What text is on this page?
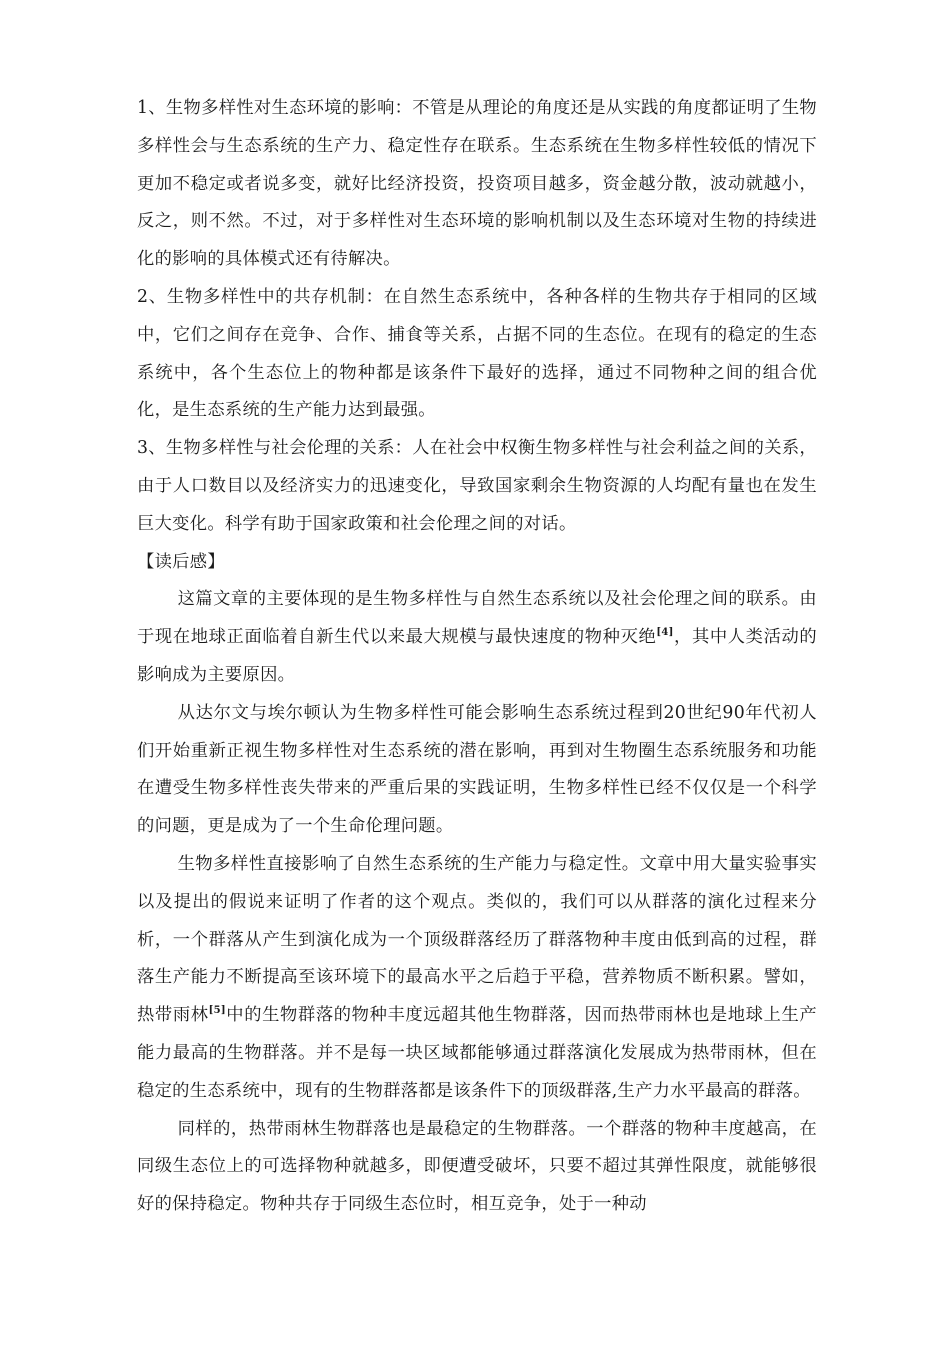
1、生物多样性对生态环境的影响：不管是从理论的角度还是从实践的角度都证明了生物多样性会与生态系统的生产力、稳定性存在联系。生态系统在生物多样性较低的情况下更加不稳定或者说多变，就好比经济投资，投资项目越多，资金越分散，波动就越小，反之，则不然。不过，对于多样性对生态环境的影响机制以及生态环境对生物的持续进化的影响的具体模式还有待解决。

2、生物多样性中的共存机制：在自然生态系统中，各种各样的生物共存于相同的区域中，它们之间存在竞争、合作、捕食等关系，占据不同的生态位。在现有的稳定的生态系统中，各个生态位上的物种都是该条件下最好的选择，通过不同物种之间的组合优化，是生态系统的生产能力达到最强。

3、生物多样性与社会伦理的关系：人在社会中权衡生物多样性与社会利益之间的关系，由于人口数目以及经济实力的迅速变化，导致国家剩余生物资源的人均配有量也在发生巨大变化。科学有助于国家政策和社会伦理之间的对话。

【读后感】

这篇文章的主要体现的是生物多样性与自然生态系统以及社会伦理之间的联系。由于现在地球正面临着自新生代以来最大规模与最快速度的物种灭绝[4]，其中人类活动的影响成为主要原因。

从达尔文与埃尔顿认为生物多样性可能会影响生态系统过程到20世纪90年代初人们开始重新正视生物多样性对生态系统的潜在影响，再到对生物圈生态系统服务和功能在遭受生物多样性丧失带来的严重后果的实践证明，生物多样性已经不仅仅是一个科学的问题，更是成为了一个生命伦理问题。

生物多样性直接影响了自然生态系统的生产能力与稳定性。文章中用大量实验事实以及提出的假说来证明了作者的这个观点。类似的，我们可以从群落的演化过程来分析，一个群落从产生到演化成为一个顶级群落经历了群落物种丰度由低到高的过程，群落生产能力不断提高至该环境下的最高水平之后趋于平稳，营养物质不断积累。譬如，热带雨林[5]中的生物群落的物种丰度远超其他生物群落，因而热带雨林也是地球上生产能力最高的生物群落。并不是每一块区域都能够通过群落演化发展成为热带雨林，但在稳定的生态系统中，现有的生物群落都是该条件下的顶级群落,生产力水平最高的群落。

同样的，热带雨林生物群落也是最稳定的生物群落。一个群落的物种丰度越高，在同级生态位上的可选择物种就越多，即便遭受破坏，只要不超过其弹性限度，就能够很好的保持稳定。物种共存于同级生态位时，相互竞争，处于一种动
